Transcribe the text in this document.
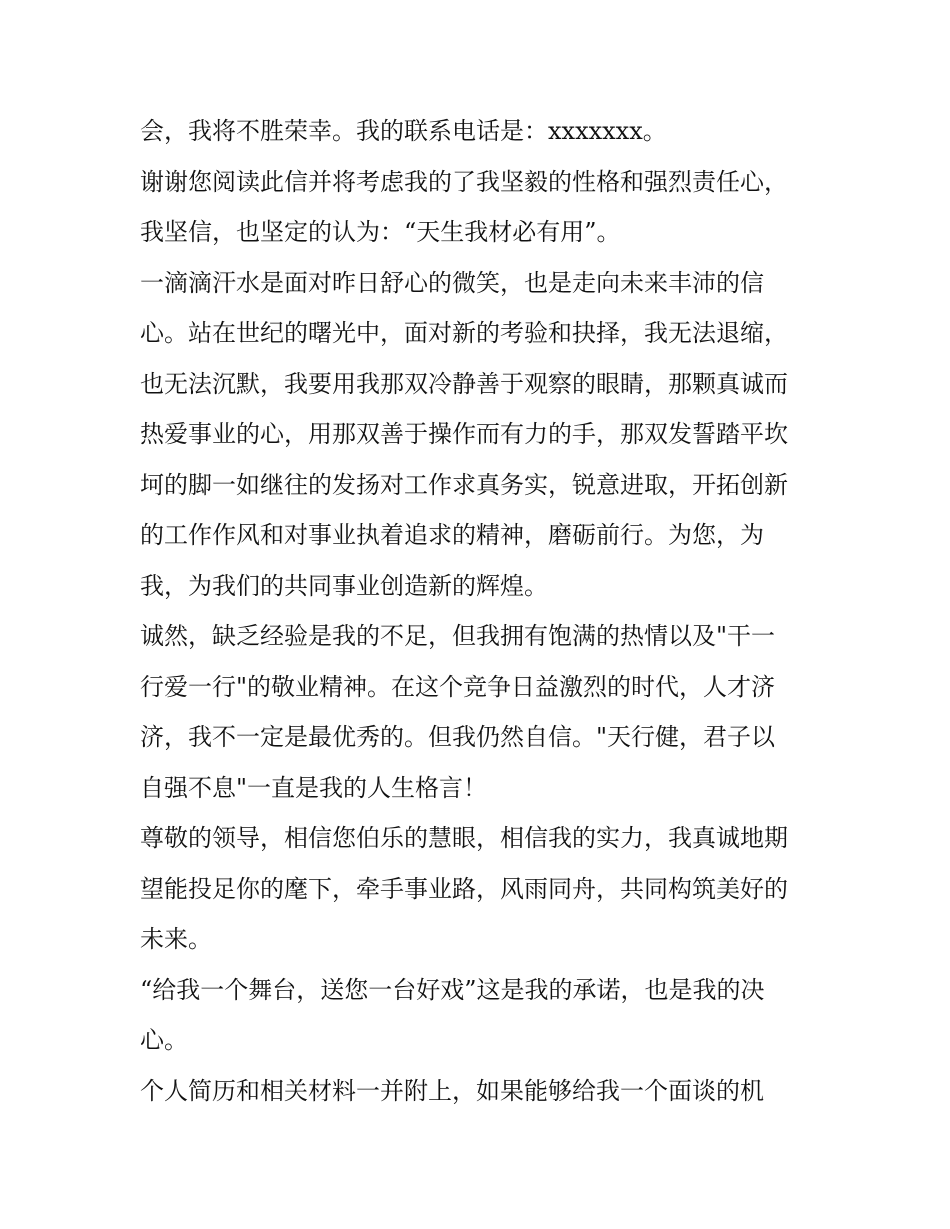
会，我将不胜荣幸。我的联系电话是：xxxxxxx。

谢谢您阅读此信并将考虑我的了我坚毅的性格和强烈责任心，
我坚信，也坚定的认为：“天生我材必有用”。

一滴滴汗水是面对昨日舒心的微笑，也是走向未来丰沛的信
心。站在世纪的曙光中，面对新的考验和抉择，我无法退缩，
也无法沉默，我要用我那双冷静善于观察的眼睛，那颗真诚而
热爱事业的心，用那双善于操作而有力的手，那双发誓踏平坎
坷的脚一如继往的发扬对工作求真务实，锐意进取，开拓创新
的工作作风和对事业执着追求的精神，磨砺前行。为您，为
我，为我们的共同事业创造新的辉煌。

诚然，缺乏经验是我的不足，但我拥有饱满的热情以及"干一
行爱一行"的敬业精神。在这个竞争日益激烈的时代，人才济
济，我不一定是最优秀的。但我仍然自信。"天行健，君子以
自强不息"一直是我的人生格言！

尊敬的领导，相信您伯乐的慧眼，相信我的实力，我真诚地期
望能投足你的麾下，牵手事业路，风雨同舟，共同构筑美好的
未来。

“给我一个舞台，送您一台好戏”这是我的承诺，也是我的决
心。

个人简历和相关材料一并附上，如果能够给我一个面谈的机
